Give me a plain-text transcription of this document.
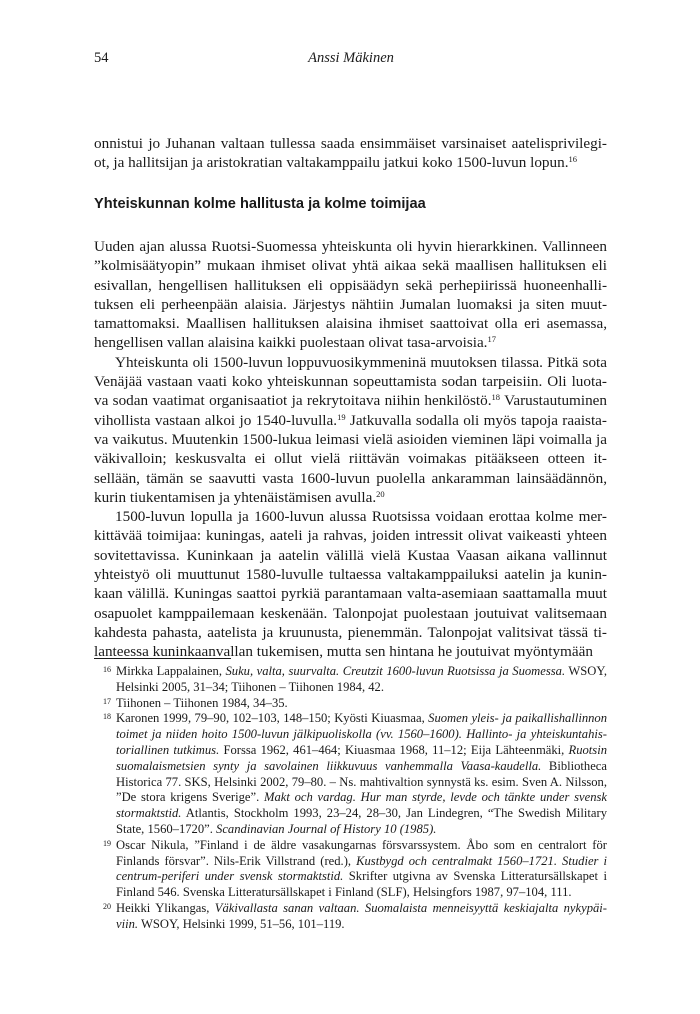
54	Anssi Mäkinen
onnistui jo Juhanan valtaan tullessa saada ensimmäiset varsinaiset aatelisprivilegi-ot, ja hallitsijan ja aristokratian valtakamppailu jatkui koko 1500-luvun lopun.$^{16}$
Yhteiskunnan kolme hallitusta ja kolme toimijaa

Uuden ajan alussa Ruotsi-Suomessa yhteiskunta oli hyvin hierarkkinen. Vallinneen ”kolmisäätyopin” mukaan ihmiset olivat yhtä aikaa sekä maallisen hallituksen eli esivallan, hengellisen hallituksen eli oppisäädyn sekä perhepiirissä huoneenhalli-tuksen eli perheenpään alaisia. Järjestys nähtiin Jumalan luomaksi ja siten muut-tamattomaksi. Maallisen hallituksen alaisina ihmiset saattoivat olla eri asemassa, hengellisen vallan alaisina kaikki puolestaan olivat tasa-arvoisia.$^{17}$

Yhteiskunta oli 1500-luvun loppuvuosikymmeninä muutoksen tilassa. Pitkä sota Venäjää vastaan vaati koko yhteiskunnan sopeuttamista sodan tarpeisiin. Oli luota-va sodan vaatimat organisaatiot ja rekrytoitava niihin henkilöstö.$^{18}$ Varustautuminen vihollista vastaan alkoi jo 1540-luvulla.$^{19}$ Jatkuvalla sodalla oli myös tapoja raaista-va vaikutus. Muutenkin 1500-lukua leimasi vielä asioiden vieminen läpi voimalla ja väkivalloin; keskusvalta ei ollut vielä riittävän voimakas pitääkseen otteen it-sellään, tämän se saavutti vasta 1600-luvun puolella ankaramman lainsäädännön, kurin tiukentamisen ja yhtenäistämisen avulla.$^{20}$

1500-luvun lopulla ja 1600-luvun alussa Ruotsissa voidaan erottaa kolme mer-kittävää toimijaa: kuningas, aateli ja rahvas, joiden intressit olivat vaikeasti yhteen sovitettavissa. Kuninkaan ja aatelin välillä vielä Kustaa Vaasan aikana vallinnut yhteistyö oli muuttunut 1580-luvulle tultaessa valtakamppailuksi aatelin ja kunin-kaan välillä. Kuningas saattoi pyrkiä parantamaan valta-asemiaan saattamalla muut osapuolet kamppailemaan keskenään. Talonpojat puolestaan joutuivat valitsemaan kahdesta pahasta, aatelista ja kruunusta, pienemmän. Talonpojat valitsivat tässä ti-lanteessa kuninkaanvallan tukemisen, mutta sen hintana he joutuivat myöntymään

16 Mirkka Lappalainen, Suku, valta, suurvalta. Creutzit 1600-luvun Ruotsissa ja Suomessa. WSOY, Helsinki 2005, 31–34; Tiihonen – Tiihonen 1984, 42.
17 Tiihonen – Tiihonen 1984, 34–35.
18 Karonen 1999, 79–90, 102–103, 148–150; Kyösti Kiuasmaa, Suomen yleis- ja paikallishallinnon toimet ja niiden hoito 1500-luvun jälkipuoliskolla (vv. 1560–1600). Hallinto- ja yhteiskuntahis-toriallinen tutkimus. Forssa 1962, 461–464; Kiuasmaa 1968, 11–12; Eija Lähteenmäki, Ruotsin suomalaismetsien synty ja savolainen liikkuvuus vanhemmalla Vaasa-kaudella. Bibliotheca Historica 77. SKS, Helsinki 2002, 79–80. – Ns. mahtivaltion synnystä ks. esim. Sven A. Nilsson, ”De stora krigens Sverige”. Makt och vardag. Hur man styrde, levde och tänkte under svensk stormaktstid. Atlantis, Stockholm 1993, 23–24, 28–30, Jan Lindegren, “The Swedish Military State, 1560–1720”. Scandinavian Journal of History 10 (1985).
19 Oscar Nikula, ”Finland i de äldre vasakungarnas försvarssystem. Åbo som en centralort för Finlands försvar”. Nils-Erik Villstrand (red.), Kustbygd och centralmakt 1560–1721. Studier i centrum-periferi under svensk stormaktstid. Skrifter utgivna av Svenska Litteratursällskapet i Finland 546. Svenska Litteratursällskapet i Finland (SLF), Helsingfors 1987, 97–104, 111.
20 Heikki Ylikangas, Väkivallasta sanan valtaan. Suomalaista menneisyyttä keskiajalta nykypäi-viin. WSOY, Helsinki 1999, 51–56, 101–119.
